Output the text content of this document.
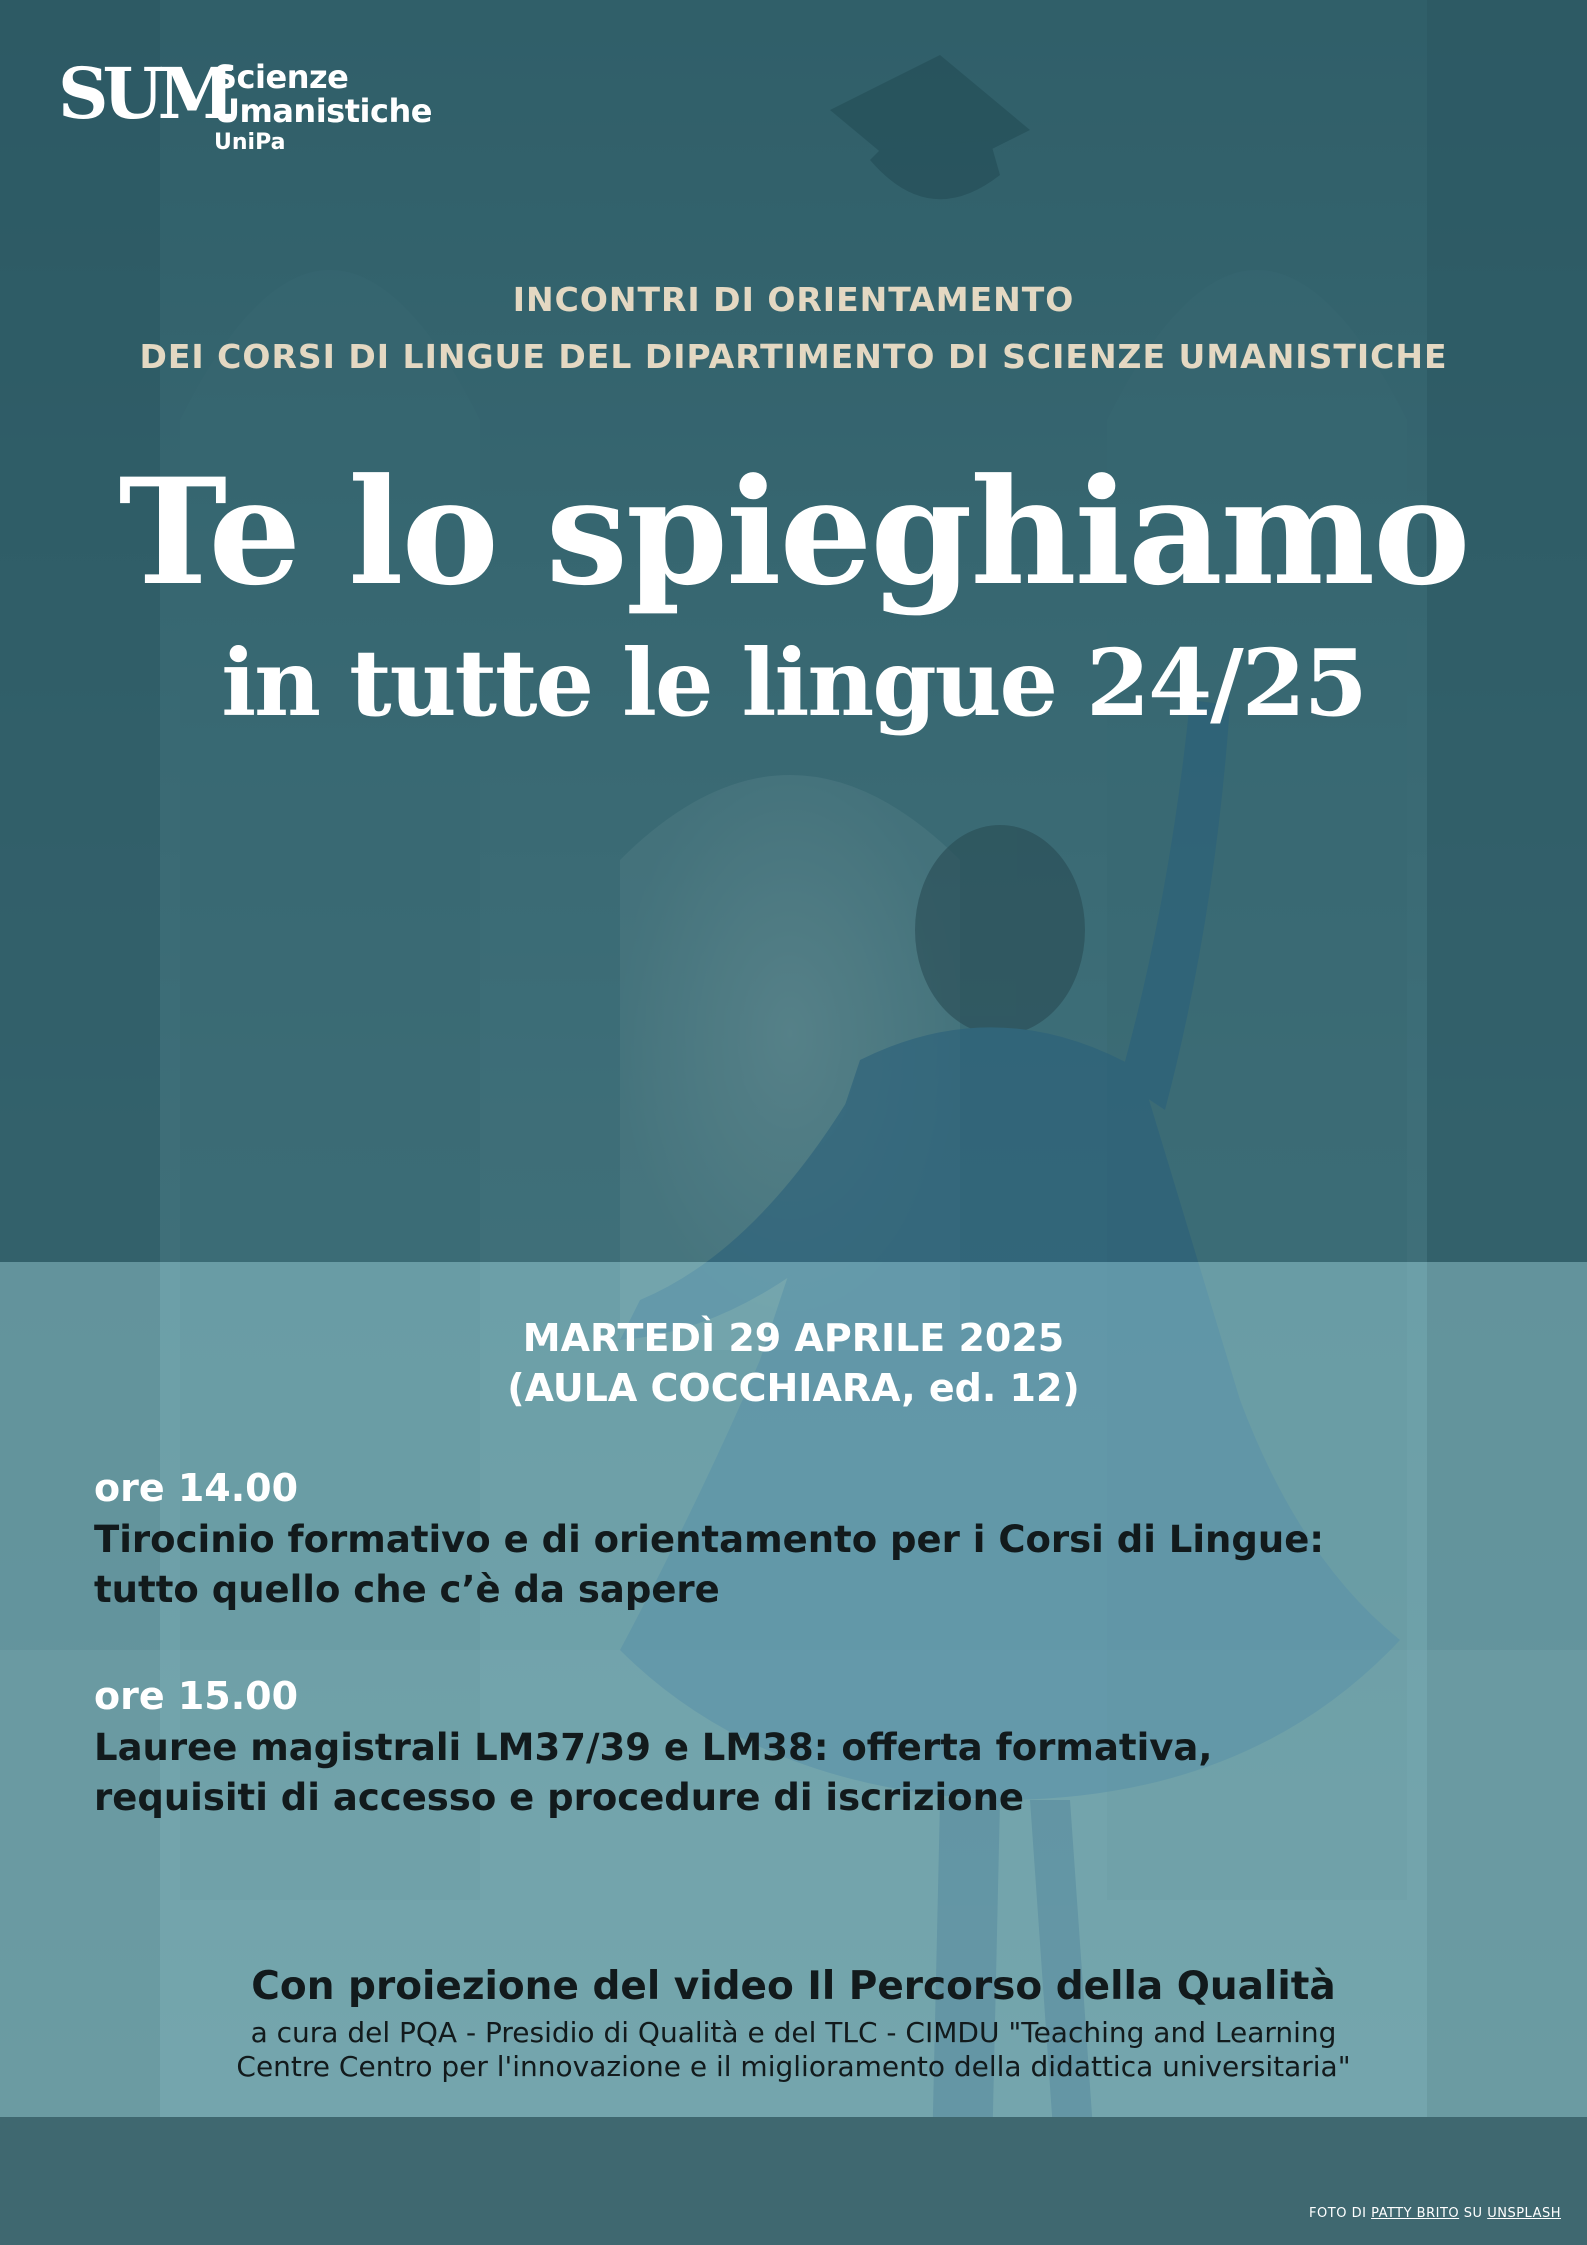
SUM
Scienze
Umanistiche
UniPa
INCONTRI DI ORIENTAMENTO
DEI CORSI DI LINGUE DEL DIPARTIMENTO DI SCIENZE UMANISTICHE
Te lo spieghiamo
in tutte le lingue 24/25
MARTEDÌ 29 APRILE 2025
(AULA COCCHIARA, ed. 12)
ore 14.00
Tirocinio formativo e di orientamento per i Corsi di Lingue:
tutto quello che c’è da sapere
ore 15.00
Lauree magistrali LM37/39 e LM38: offerta formativa,
requisiti di accesso e procedure di iscrizione
Con proiezione del video Il Percorso della Qualità
a cura del PQA - Presidio di Qualità e del TLC - CIMDU "Teaching and Learning
Centre Centro per l'innovazione e il miglioramento della didattica universitaria"
FOTO DI PATTY BRITO SU UNSPLASH
